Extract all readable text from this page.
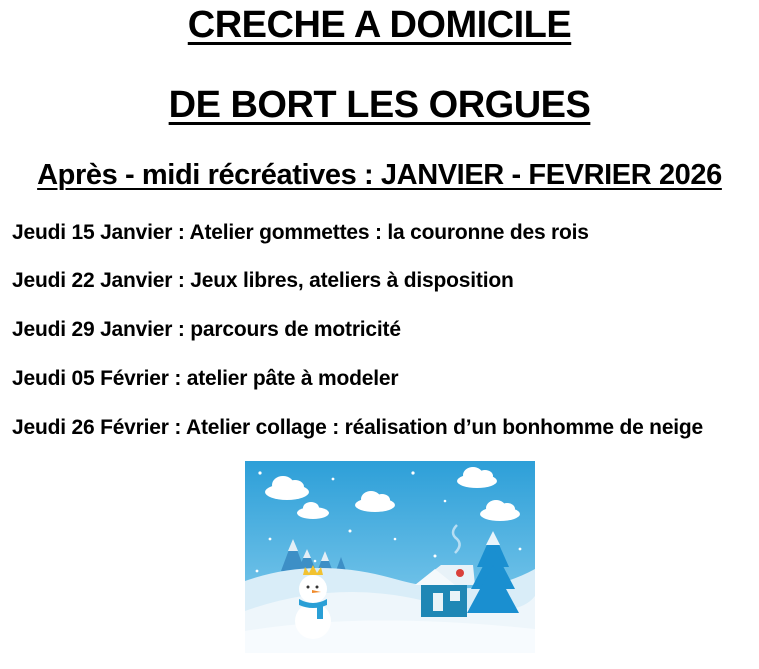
CRECHE A DOMICILE
DE BORT LES ORGUES
Après - midi récréatives : JANVIER - FEVRIER 2026
Jeudi 15 Janvier : Atelier gommettes : la couronne des rois
Jeudi 22 Janvier : Jeux libres, ateliers à disposition
Jeudi 29 Janvier : parcours de motricité
Jeudi 05 Février : atelier pâte à modeler
Jeudi 26 Février : Atelier collage : réalisation d’un bonhomme de neige
